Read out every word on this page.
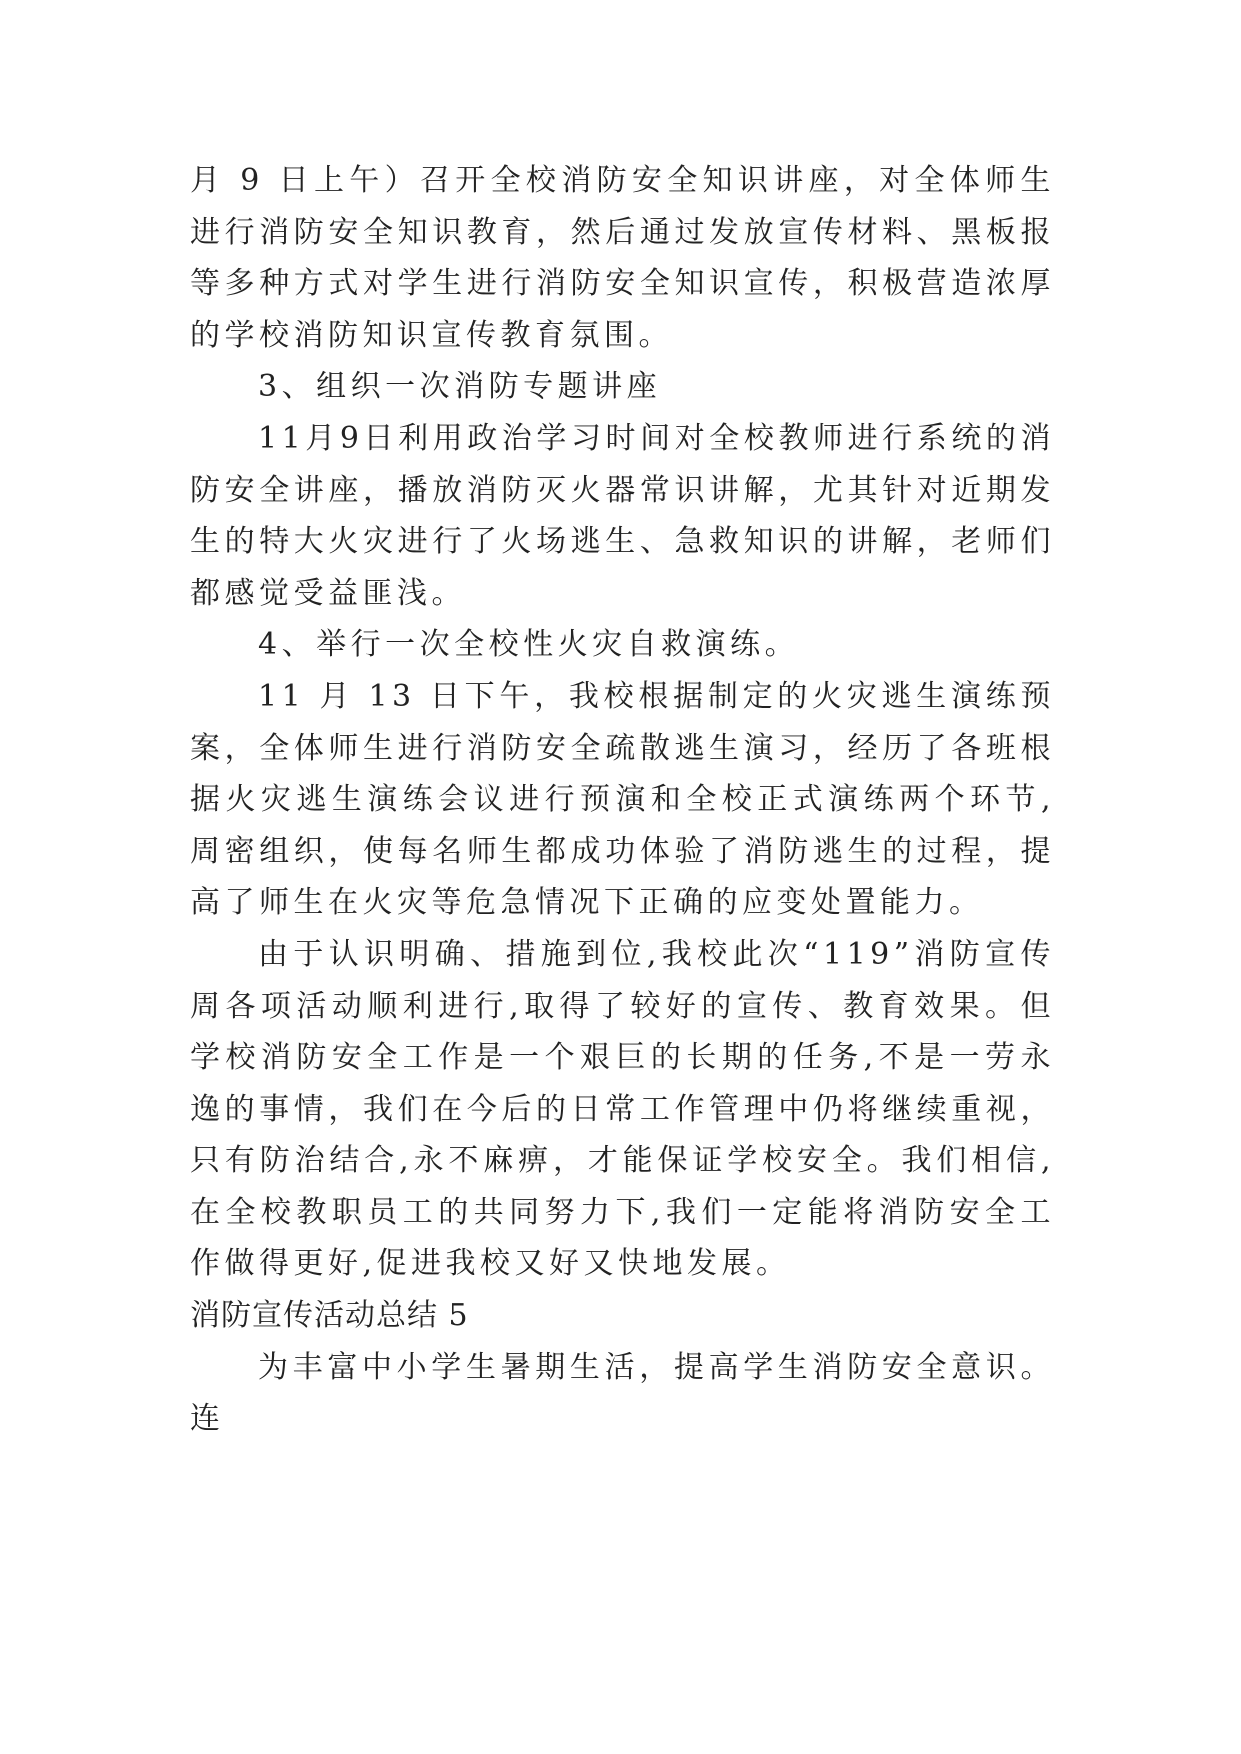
月 9 日上午）召开全校消防安全知识讲座，对全体师生进行消防安全知识教育，然后通过发放宣传材料、黑板报等多种方式对学生进行消防安全知识宣传，积极营造浓厚的学校消防知识宣传教育氛围。

3、组织一次消防专题讲座

11月9日利用政治学习时间对全校教师进行系统的消防安全讲座，播放消防灭火器常识讲解，尤其针对近期发生的特大火灾进行了火场逃生、急救知识的讲解，老师们都感觉受益匪浅。

4、举行一次全校性火灾自救演练。

11 月 13 日下午，我校根据制定的火灾逃生演练预案，全体师生进行消防安全疏散逃生演习，经历了各班根据火灾逃生演练会议进行预演和全校正式演练两个环节,周密组织，使每名师生都成功体验了消防逃生的过程，提高了师生在火灾等危急情况下正确的应变处置能力。

由于认识明确、措施到位,我校此次“119”消防宣传周各项活动顺利进行,取得了较好的宣传、教育效果。但学校消防安全工作是一个艰巨的长期的任务,不是一劳永逸的事情，我们在今后的日常工作管理中仍将继续重视，只有防治结合,永不麻痹，才能保证学校安全。我们相信,在全校教职员工的共同努力下,我们一定能将消防安全工作做得更好,促进我校又好又快地发展。

消防宣传活动总结 5

为丰富中小学生暑期生活，提高学生消防安全意识。连
